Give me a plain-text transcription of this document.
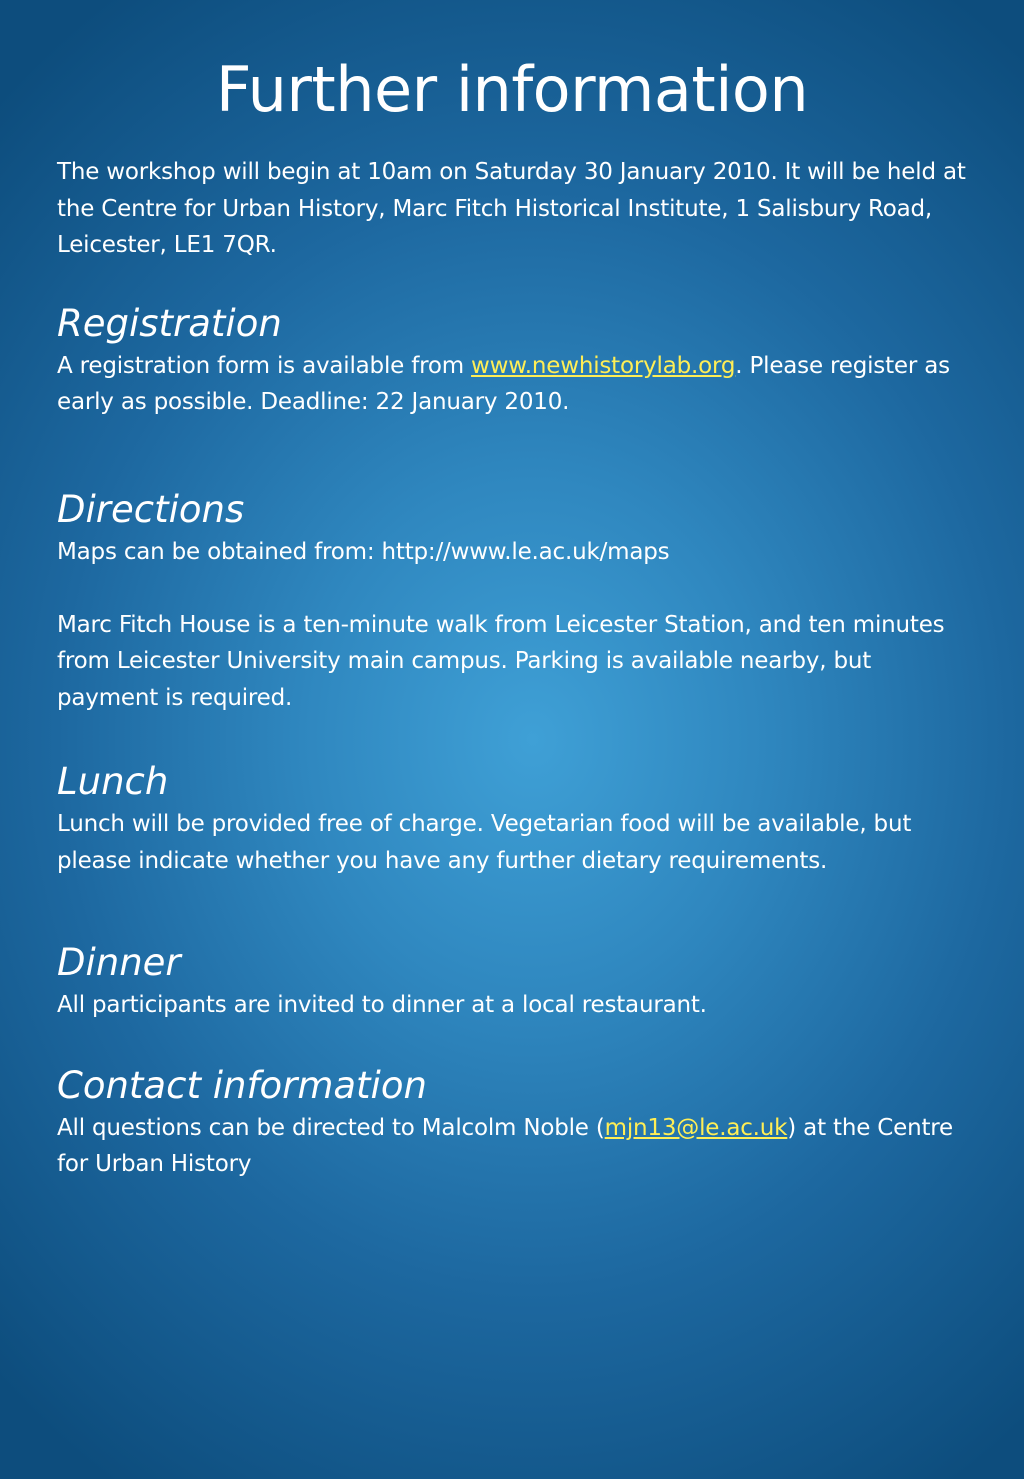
Further information

The workshop will begin at 10am on Saturday 30 January 2010. It will be held at the Centre for Urban History, Marc Fitch Historical Institute, 1 Salisbury Road, Leicester, LE1 7QR.

Registration

A registration form is available from www.newhistorylab.org. Please register as early as possible. Deadline: 22 January 2010.

Directions

Maps can be obtained from: http://www.le.ac.uk/maps

Marc Fitch House is a ten-minute walk from Leicester Station, and ten minutes from Leicester University main campus. Parking is available nearby, but payment is required.

Lunch

Lunch will be provided free of charge. Vegetarian food will be available, but please indicate whether you have any further dietary requirements.

Dinner

All participants are invited to dinner at a local restaurant.

Contact information

All questions can be directed to Malcolm Noble (mjn13@le.ac.uk) at the Centre for Urban History
